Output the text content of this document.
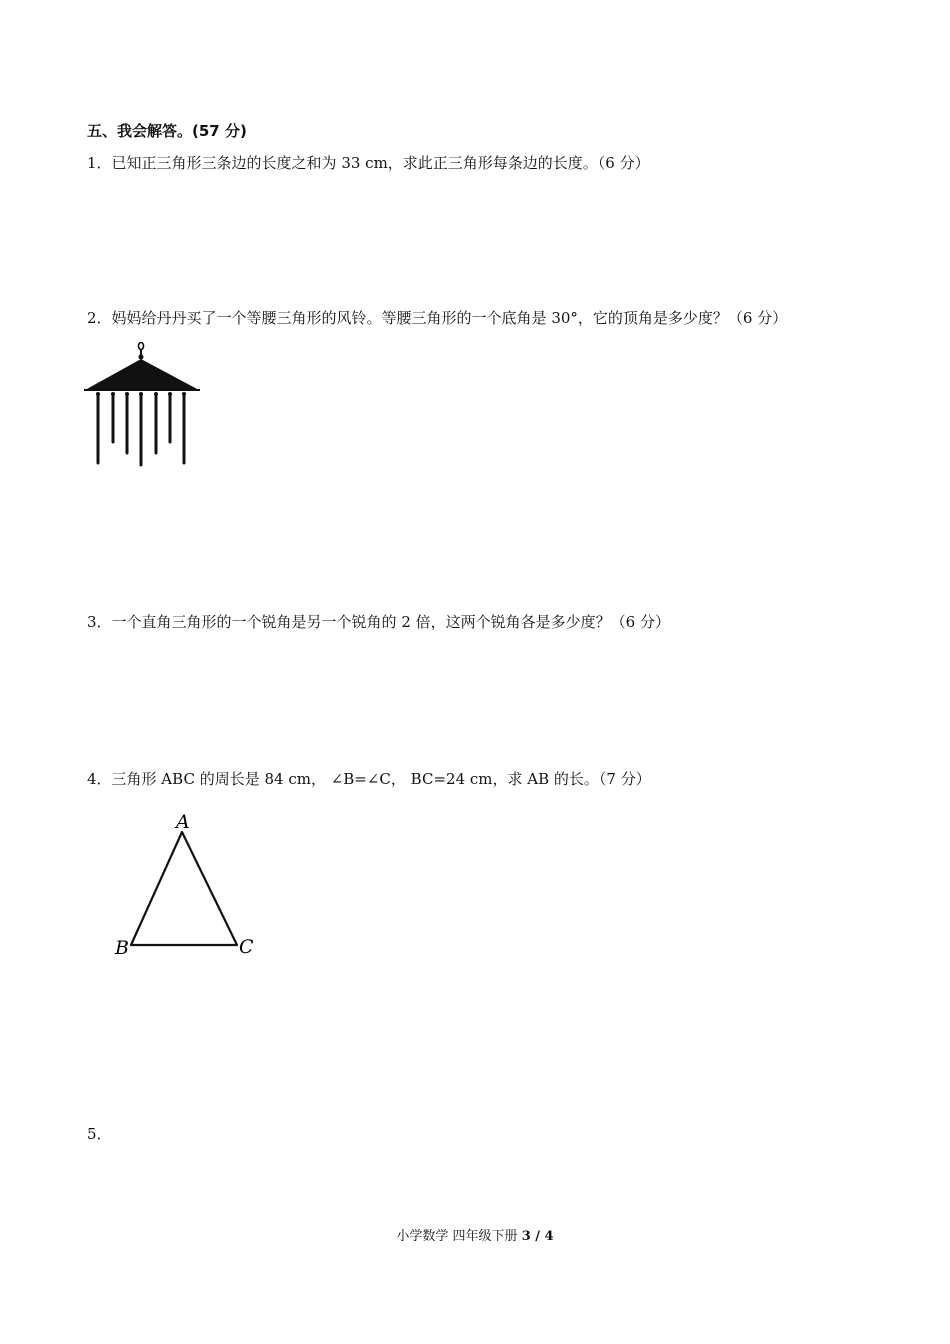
五、我会解答。(57 分)
1．已知正三角形三条边的长度之和为 33 cm，求此正三角形每条边的长度。（6 分）
2．妈妈给丹丹买了一个等腰三角形的风铃。等腰三角形的一个底角是 30°，它的顶角是多少度？（6 分）
3．一个直角三角形的一个锐角是另一个锐角的 2 倍，这两个锐角各是多少度？（6 分）
4．三角形 ABC 的周长是 84 cm， ∠B=∠C， BC=24 cm，求 AB 的长。（7 分）
A
B	C
5．
小学数学 四年级下册 3 / 4
